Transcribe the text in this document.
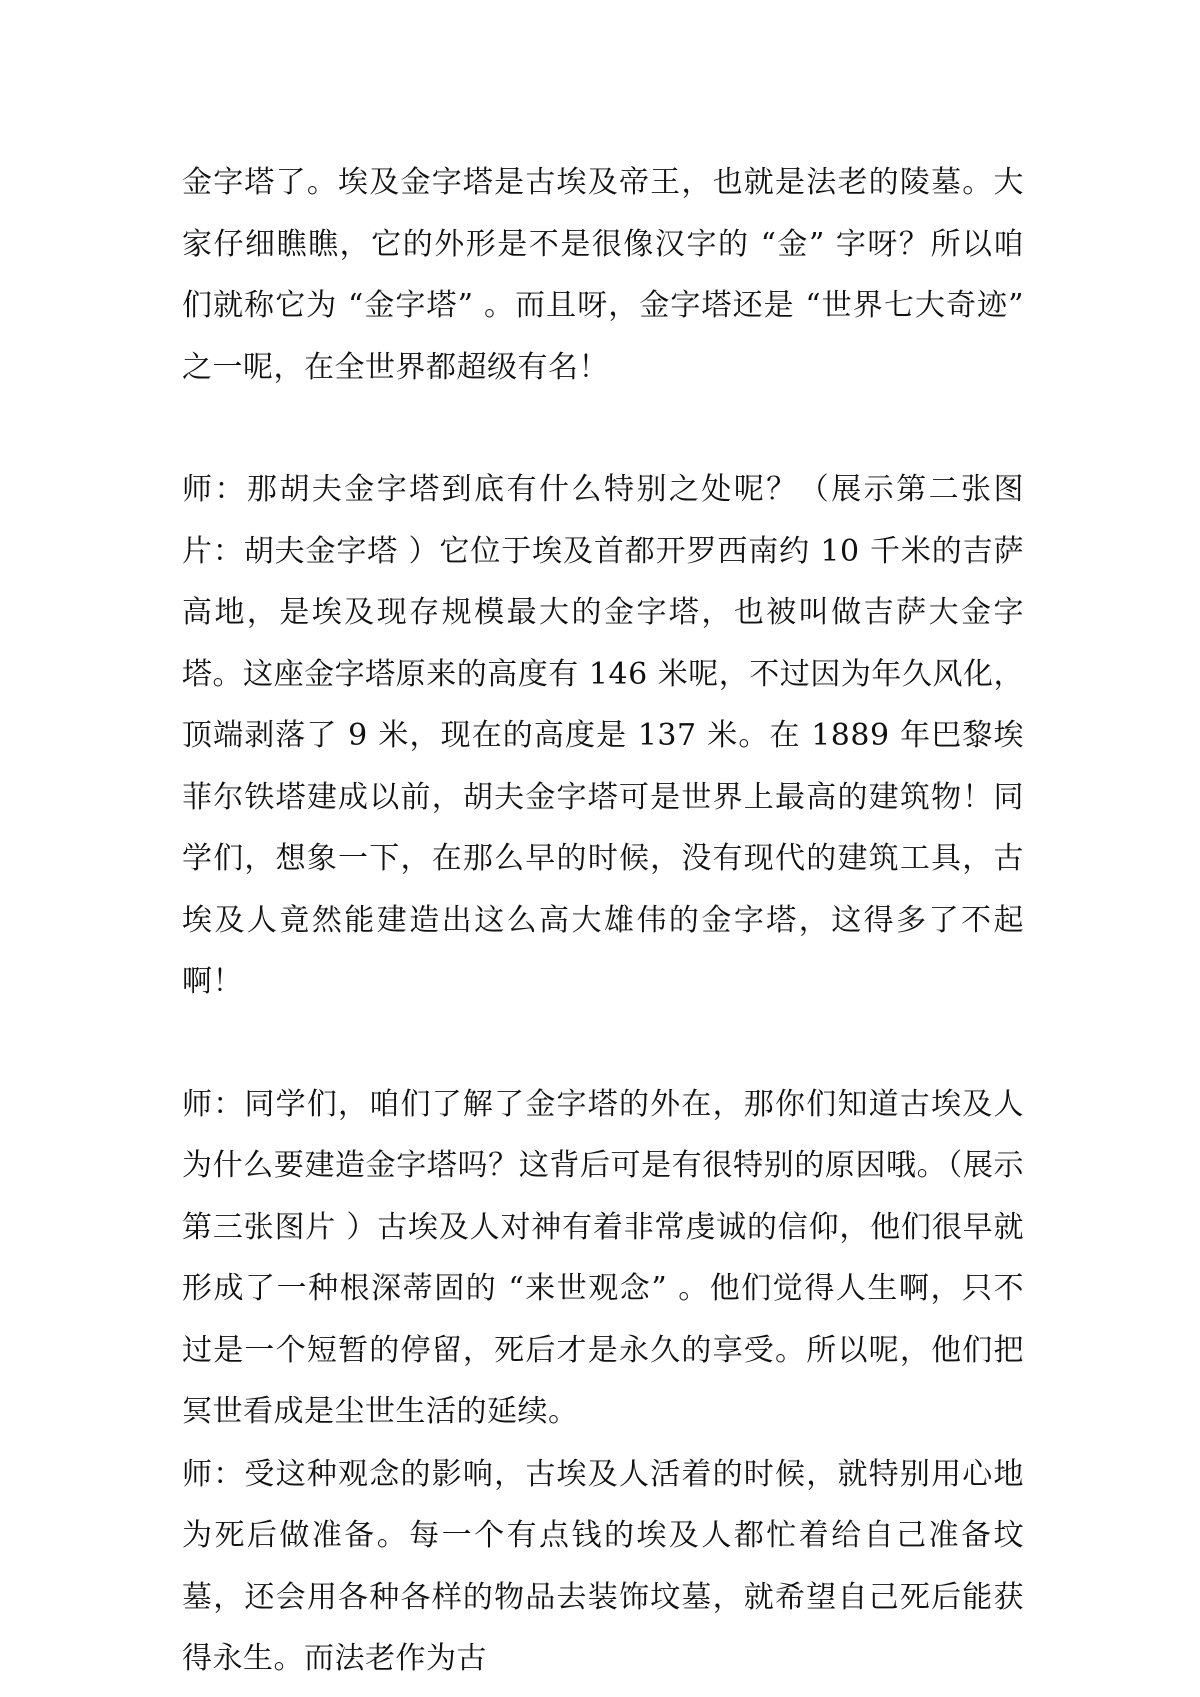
金字塔了。埃及金字塔是古埃及帝王，也就是法老的陵墓。大家仔细瞧瞧，它的外形是不是很像汉字的 “金” 字呀？所以咱们就称它为 “金字塔” 。而且呀，金字塔还是 “世界七大奇迹” 之一呢，在全世界都超级有名！

师：那胡夫金字塔到底有什么特别之处呢？（展示第二张图片：胡夫金字塔 ）它位于埃及首都开罗西南约 10 千米的吉萨高地，是埃及现存规模最大的金字塔，也被叫做吉萨大金字塔。这座金字塔原来的高度有 146 米呢，不过因为年久风化，顶端剥落了 9 米，现在的高度是 137 米。在 1889 年巴黎埃菲尔铁塔建成以前，胡夫金字塔可是世界上最高的建筑物！同学们，想象一下，在那么早的时候，没有现代的建筑工具，古埃及人竟然能建造出这么高大雄伟的金字塔，这得多了不起啊！

师：同学们，咱们了解了金字塔的外在，那你们知道古埃及人为什么要建造金字塔吗？这背后可是有很特别的原因哦。（展示第三张图片 ）古埃及人对神有着非常虔诚的信仰，他们很早就形成了一种根深蒂固的 “来世观念” 。他们觉得人生啊，只不过是一个短暂的停留，死后才是永久的享受。所以呢，他们把冥世看成是尘世生活的延续。

师：受这种观念的影响，古埃及人活着的时候，就特别用心地为死后做准备。每一个有点钱的埃及人都忙着给自己准备坟墓，还会用各种各样的物品去装饰坟墓，就希望自己死后能获得永生。而法老作为古
